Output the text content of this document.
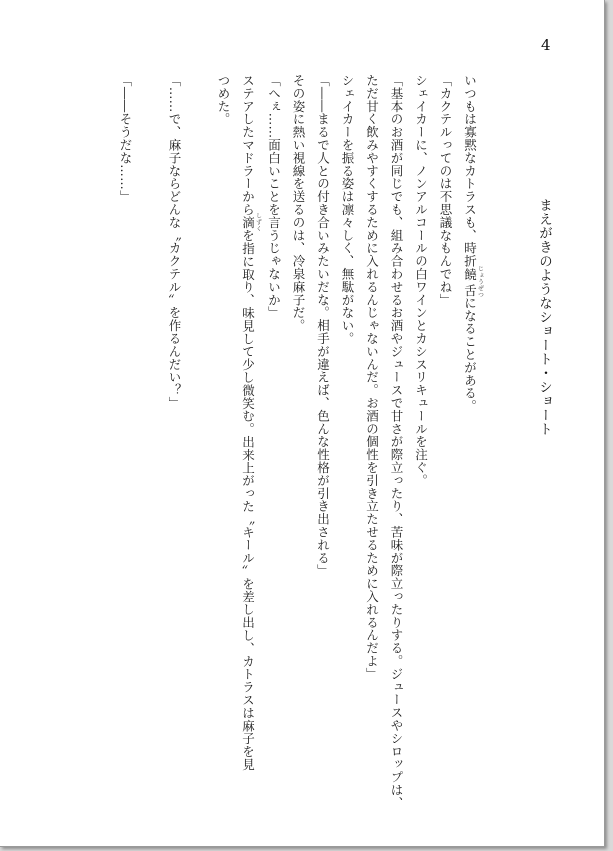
4
まえがきのようなショート・ショート

いつもは寡黙なカトラスも、時折饒舌 じょうぜつになることがある。

「カクテルってのは不思議なもんでね」

シェイカーに、ノンアルコールの白ワインとカシスリキュールを注ぐ。

「基本のお酒が同じでも、組み合わせるお酒やジュースで甘さが際立ったり、苦味が際立ったりする。ジュースやシロップは、

ただ甘く飲みやすくするために入れるんじゃないんだ。お酒の個性を引き立たせるために入れるんだよ」

シェイカーを振る姿は凛々しく、無駄がない。

「――まるで人との付き合いみたいだな。相手が違えば、色んな性格が引き出される」

その姿に熱い視線を送るのは、冷泉麻子だ。

「へぇ……面白いことを言うじゃないか」

ステアしたマドラーから滴 しずくを指に取り、味見して少し微笑む。出来上がった〝キール〟を差し出し、カトラスは麻子を見

つめた。

「……で、麻子ならどんな〝カクテル〟を作るんだい？」

「――そうだな……」
